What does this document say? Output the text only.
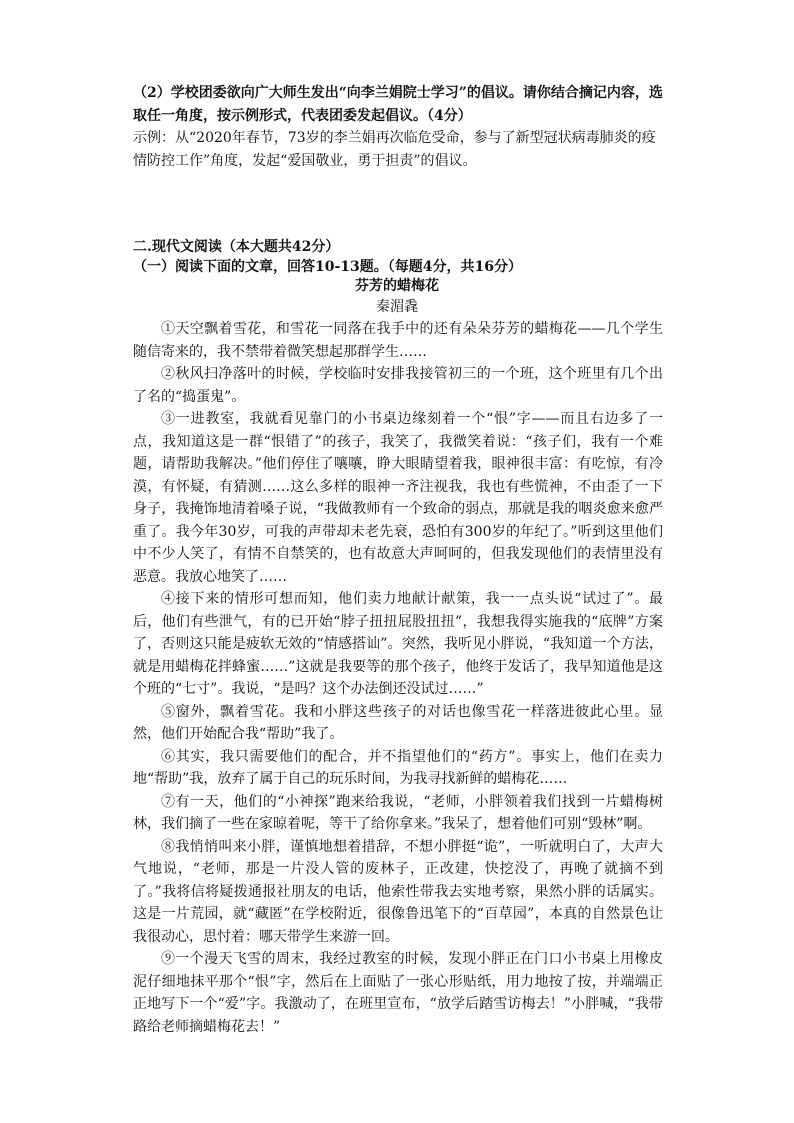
（2）学校团委欲向广大师生发出“向李兰娟院士学习”的倡议。请你结合摘记内容，选取任一角度，按示例形式，代表团委发起倡议。（4分）

示例：从“2020年春节，73岁的李兰娟再次临危受命，参与了新型冠状病毒肺炎的疫情防控工作”角度，发起“爱国敬业，勇于担责”的倡议。

二.现代文阅读（本大题共42分）
（一）阅读下面的文章，回答10-13题。（每题4分，共16分）
芬芳的蜡梅花
秦湄毳

①天空飘着雪花，和雪花一同落在我手中的还有朵朵芬芳的蜡梅花——几个学生随信寄来的，我不禁带着微笑想起那群学生……

②秋风扫净落叶的时候，学校临时安排我接管初三的一个班，这个班里有几个出了名的“捣蛋鬼”。

③一进教室，我就看见靠门的小书桌边缘刻着一个“恨”字——而且右边多了一点，我知道这是一群“恨错了”的孩子，我笑了，我微笑着说：“孩子们，我有一个难题，请帮助我解决。”他们停住了嚷嚷，睁大眼睛望着我，眼神很丰富：有吃惊，有冷漠，有怀疑，有猜测……这么多样的眼神一齐注视我，我也有些慌神，不由歪了一下身子，我掩饰地清着嗓子说，“我做教师有一个致命的弱点，那就是我的咽炎愈来愈严重了。我今年30岁，可我的声带却未老先衰，恐怕有300岁的年纪了。”听到这里他们中不少人笑了，有情不自禁笑的，也有故意大声呵呵的，但我发现他们的表情里没有恶意。我放心地笑了……

④接下来的情形可想而知，他们卖力地献计献策，我一一点头说“试过了”。最后，他们有些泄气，有的已开始“脖子扭扭屁股扭扭”，我想我得实施我的“底牌”方案了，否则这只能是疲软无效的“情感搭讪”。突然，我听见小胖说，“我知道一个方法，就是用蜡梅花拌蜂蜜……”这就是我要等的那个孩子，他终于发话了，我早知道他是这个班的“七寸”。我说，“是吗？这个办法倒还没试过……”

⑤窗外，飘着雪花。我和小胖这些孩子的对话也像雪花一样落进彼此心里。显然，他们开始配合我“帮助”我了。

⑥其实，我只需要他们的配合，并不指望他们的“药方”。事实上，他们在卖力地“帮助”我，放弃了属于自己的玩乐时间，为我寻找新鲜的蜡梅花……

⑦有一天，他们的“小神探”跑来给我说，“老师，小胖领着我们找到一片蜡梅树林，我们摘了一些在家晾着呢，等干了给你拿来。”我呆了，想着他们可别“毁林”啊。

⑧我悄悄叫来小胖，谨慎地想着措辞，不想小胖挺“诡”，一听就明白了，大声大气地说，“老师，那是一片没人管的废林子，正改建，快挖没了，再晚了就摘不到了。”我将信将疑拨通报社朋友的电话，他索性带我去实地考察，果然小胖的话属实。这是一片荒园，就“藏匿”在学校附近，很像鲁迅笔下的“百草园”，本真的自然景色让我很动心，思忖着：哪天带学生来游一回。

⑨一个漫天飞雪的周末，我经过教室的时候，发现小胖正在门口小书桌上用橡皮泥仔细地抹平那个“恨”字，然后在上面贴了一张心形贴纸，用力地按了按，并端端正正地写下一个“爱”字。我激动了，在班里宣布，“放学后踏雪访梅去！”小胖喊，“我带路给老师摘蜡梅花去！”
